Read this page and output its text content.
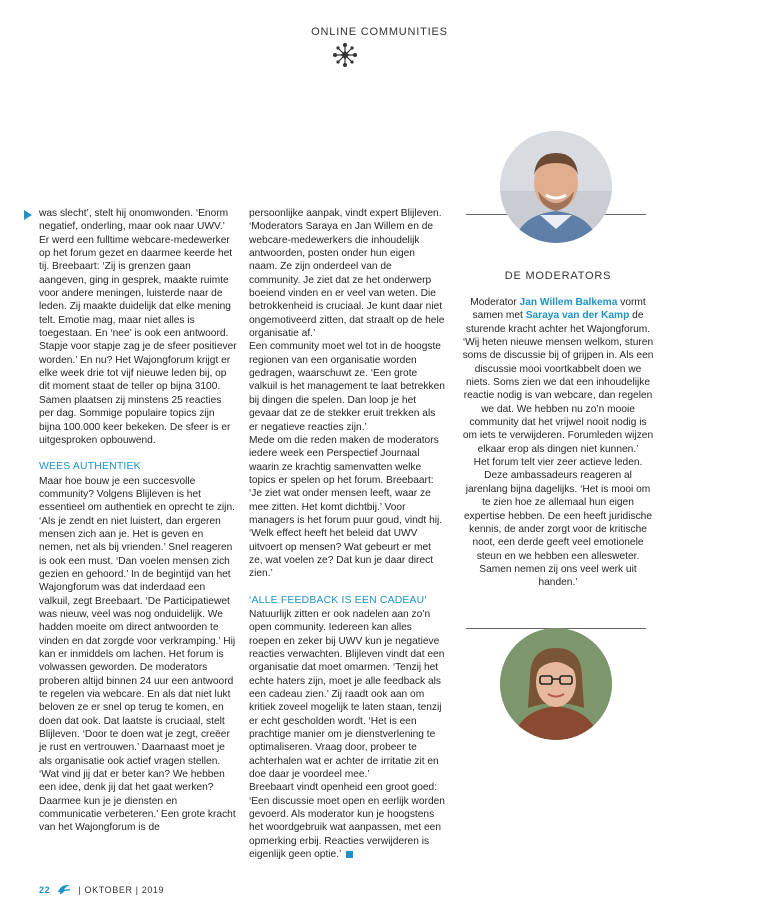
ONLINE COMMUNITIES

was slecht’, stelt hij onomwonden. ‘Enorm negatief, onderling, maar ook naar UWV.’ Er werd een fulltime webcare-medewerker op het forum gezet en daarmee keerde het tij. Breebaart: ‘Zij is grenzen gaan aangeven, ging in gesprek, maakte ruimte voor andere meningen, luisterde naar de leden. Zij maakte duidelijk dat elke mening telt. Emotie mag, maar niet alles is toegestaan. En ‘nee’ is ook een antwoord. Stapje voor stapje zag je de sfeer positiever worden.’ En nu? Het Wajongforum krijgt er elke week drie tot vijf nieuwe leden bij, op dit moment staat de teller op bijna 3100. Samen plaatsen zij minstens 25 reacties per dag. Sommige populaire topics zijn bijna 100.000 keer bekeken. De sfeer is er uitgesproken opbouwend.

WEES AUTHENTIEK

Maar hoe bouw je een succesvolle community? Volgens Blijleven is het essentieel om authentiek en oprecht te zijn. ‘Als je zendt en niet luistert, dan ergeren mensen zich aan je. Het is geven en nemen, net als bij vrienden.’ Snel reageren is ook een must. ‘Dan voelen mensen zich gezien en gehoord.’ In de begintijd van het Wajongforum was dat inderdaad een valkuil, zegt Breebaart. ‘De Participatiewet was nieuw, veel was nog onduidelijk. We hadden moeite om direct antwoorden te vinden en dat zorgde voor verkramping.’ Hij kan er inmiddels om lachen. Het forum is volwassen geworden. De moderators proberen altijd binnen 24 uur een antwoord te regelen via webcare. En als dat niet lukt beloven ze er snel op terug te komen, en doen dat ook. Dat laatste is cruciaal, stelt Blijleven. ‘Door te doen wat je zegt, creëer je rust en vertrouwen.’ Daarnaast moet je als organisatie ook actief vragen stellen. ‘Wat vind jij dat er beter kan? We hebben een idee, denk jij dat het gaat werken? Daarmee kun je je diensten en communicatie verbeteren.’ Een grote kracht van het Wajongforum is de

persoonlijke aanpak, vindt expert Blijleven. ‘Moderators Saraya en Jan Willem en de webcare-medewerkers die inhoudelijk antwoorden, posten onder hun eigen naam. Ze zijn onderdeel van de community. Je ziet dat ze het onderwerp boeiend vinden en er veel van weten. Die betrokkenheid is cruciaal. Je kunt daar niet ongemotiveerd zitten, dat straalt op de hele organisatie af.’

Een community moet wel tot in de hoogste regionen van een organisatie worden gedragen, waarschuwt ze. ‘Een grote valkuil is het management te laat betrekken bij dingen die spelen. Dan loop je het gevaar dat ze de stekker eruit trekken als er negatieve reacties zijn.’

Mede om die reden maken de moderators iedere week een Perspectief Journaal waarin ze krachtig samenvatten welke topics er spelen op het forum. Breebaart: ‘Je ziet wat onder mensen leeft, waar ze mee zitten. Het komt dichtbij.’ Voor managers is het forum puur goud, vindt hij. ‘Welk effect heeft het beleid dat UWV uitvoert op mensen? Wat gebeurt er met ze, wat voelen ze? Dat kun je daar direct zien.’

‘ALLE FEEDBACK IS EEN CADEAU’

Natuurlijk zitten er ook nadelen aan zo’n open community. Iedereen kan alles roepen en zeker bij UWV kun je negatieve reacties verwachten. Blijleven vindt dat een organisatie dat moet omarmen. ‘Tenzij het echte haters zijn, moet je alle feedback als een cadeau zien.’ Zij raadt ook aan om kritiek zoveel mogelijk te laten staan, tenzij er echt gescholden wordt. ‘Het is een prachtige manier om je dienstverlening te optimaliseren. Vraag door, probeer te achterhalen wat er achter de irritatie zit en doe daar je voordeel mee.’

Breebaart vindt openheid een groot goed: ‘Een discussie moet open en eerlijk worden gevoerd. Als moderator kun je hoogstens het woordgebruik wat aanpassen, met een opmerking erbij. Reacties verwijderen is eigenlijk geen optie.’

DE MODERATORS

Moderator Jan Willem Balkema vormt samen met Saraya van der Kamp de sturende kracht achter het Wajongforum.

‘Wij heten nieuwe mensen welkom, sturen soms de discussie bij of grijpen in. Als een discussie mooi voortkabbelt doen we niets. Soms zien we dat een inhoudelijke reactie nodig is van webcare, dan regelen we dat. We hebben nu zo’n mooie community dat het vrijwel nooit nodig is om iets te verwijderen. Forumleden wijzen elkaar erop als dingen niet kunnen.’

Het forum telt vier zeer actieve leden. Deze ambassadeurs reageren al jarenlang bijna dagelijks. ‘Het is mooi om te zien hoe ze allemaal hun eigen expertise hebben. De een heeft juridische kennis, de ander zorgt voor de kritische noot, een derde geeft veel emotionele steun en we hebben een allesweter. Samen nemen zij ons veel werk uit handen.’

22	| OKTOBER | 2019
